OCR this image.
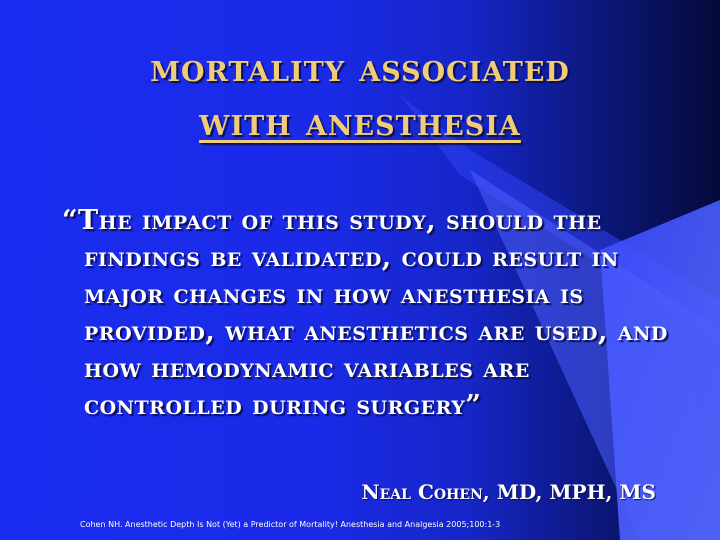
mortality associated
with anesthesia
“The impact of this study, should the findings be validated, could result in major changes in how anesthesia is provided, what anesthetics are used, and how hemodynamic variables are controlled during surgery”
Neal Cohen, MD, MPH, MS
Cohen NH. Anesthetic Depth Is Not (Yet) a Predictor of Mortality! Anesthesia and Analgesia 2005;100:1-3
